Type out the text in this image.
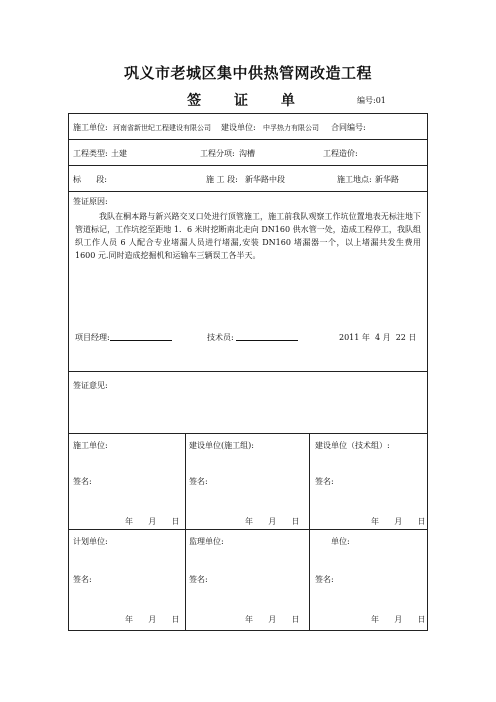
巩义市老城区集中供热管网改造工程
签 证 单	编号:01
施工单位: 河南省新世纪工程建设有限公司 建设单位: 中孚热力有限公司 合同编号:
工程类型: 土建	工程分项: 沟槽	工程造价:
标      段:	施 工 段: 新华路中段	施工地点: 新华路
签证原因:
我队在桐本路与新兴路交叉口处进行顶管施工，施工前我队观察工作坑位置地表无标注地下管道标记，工作坑挖至距地 1．6 米时挖断南北走向 DN160 供水管一处，造成工程停工，我队组织工作人员 6 人配合专业堵漏人员进行堵漏,安装 DN160 堵漏器一个，以上堵漏共发生费用 1600 元.同时造成挖掘机和运输车三辆误工各半天。
项目经理:	技术员:	2011 年  4 月  22 日
签证意见:
施工单位:
签名:
年      月      日
建设单位(施工组):
签名:
年      月      日
建设单位（技术组）:
签名:
年      月      日
计划单位:
签名:
年      月      日
监理单位:
签名:
年      月      日
单位:
签名:
年      月      日
